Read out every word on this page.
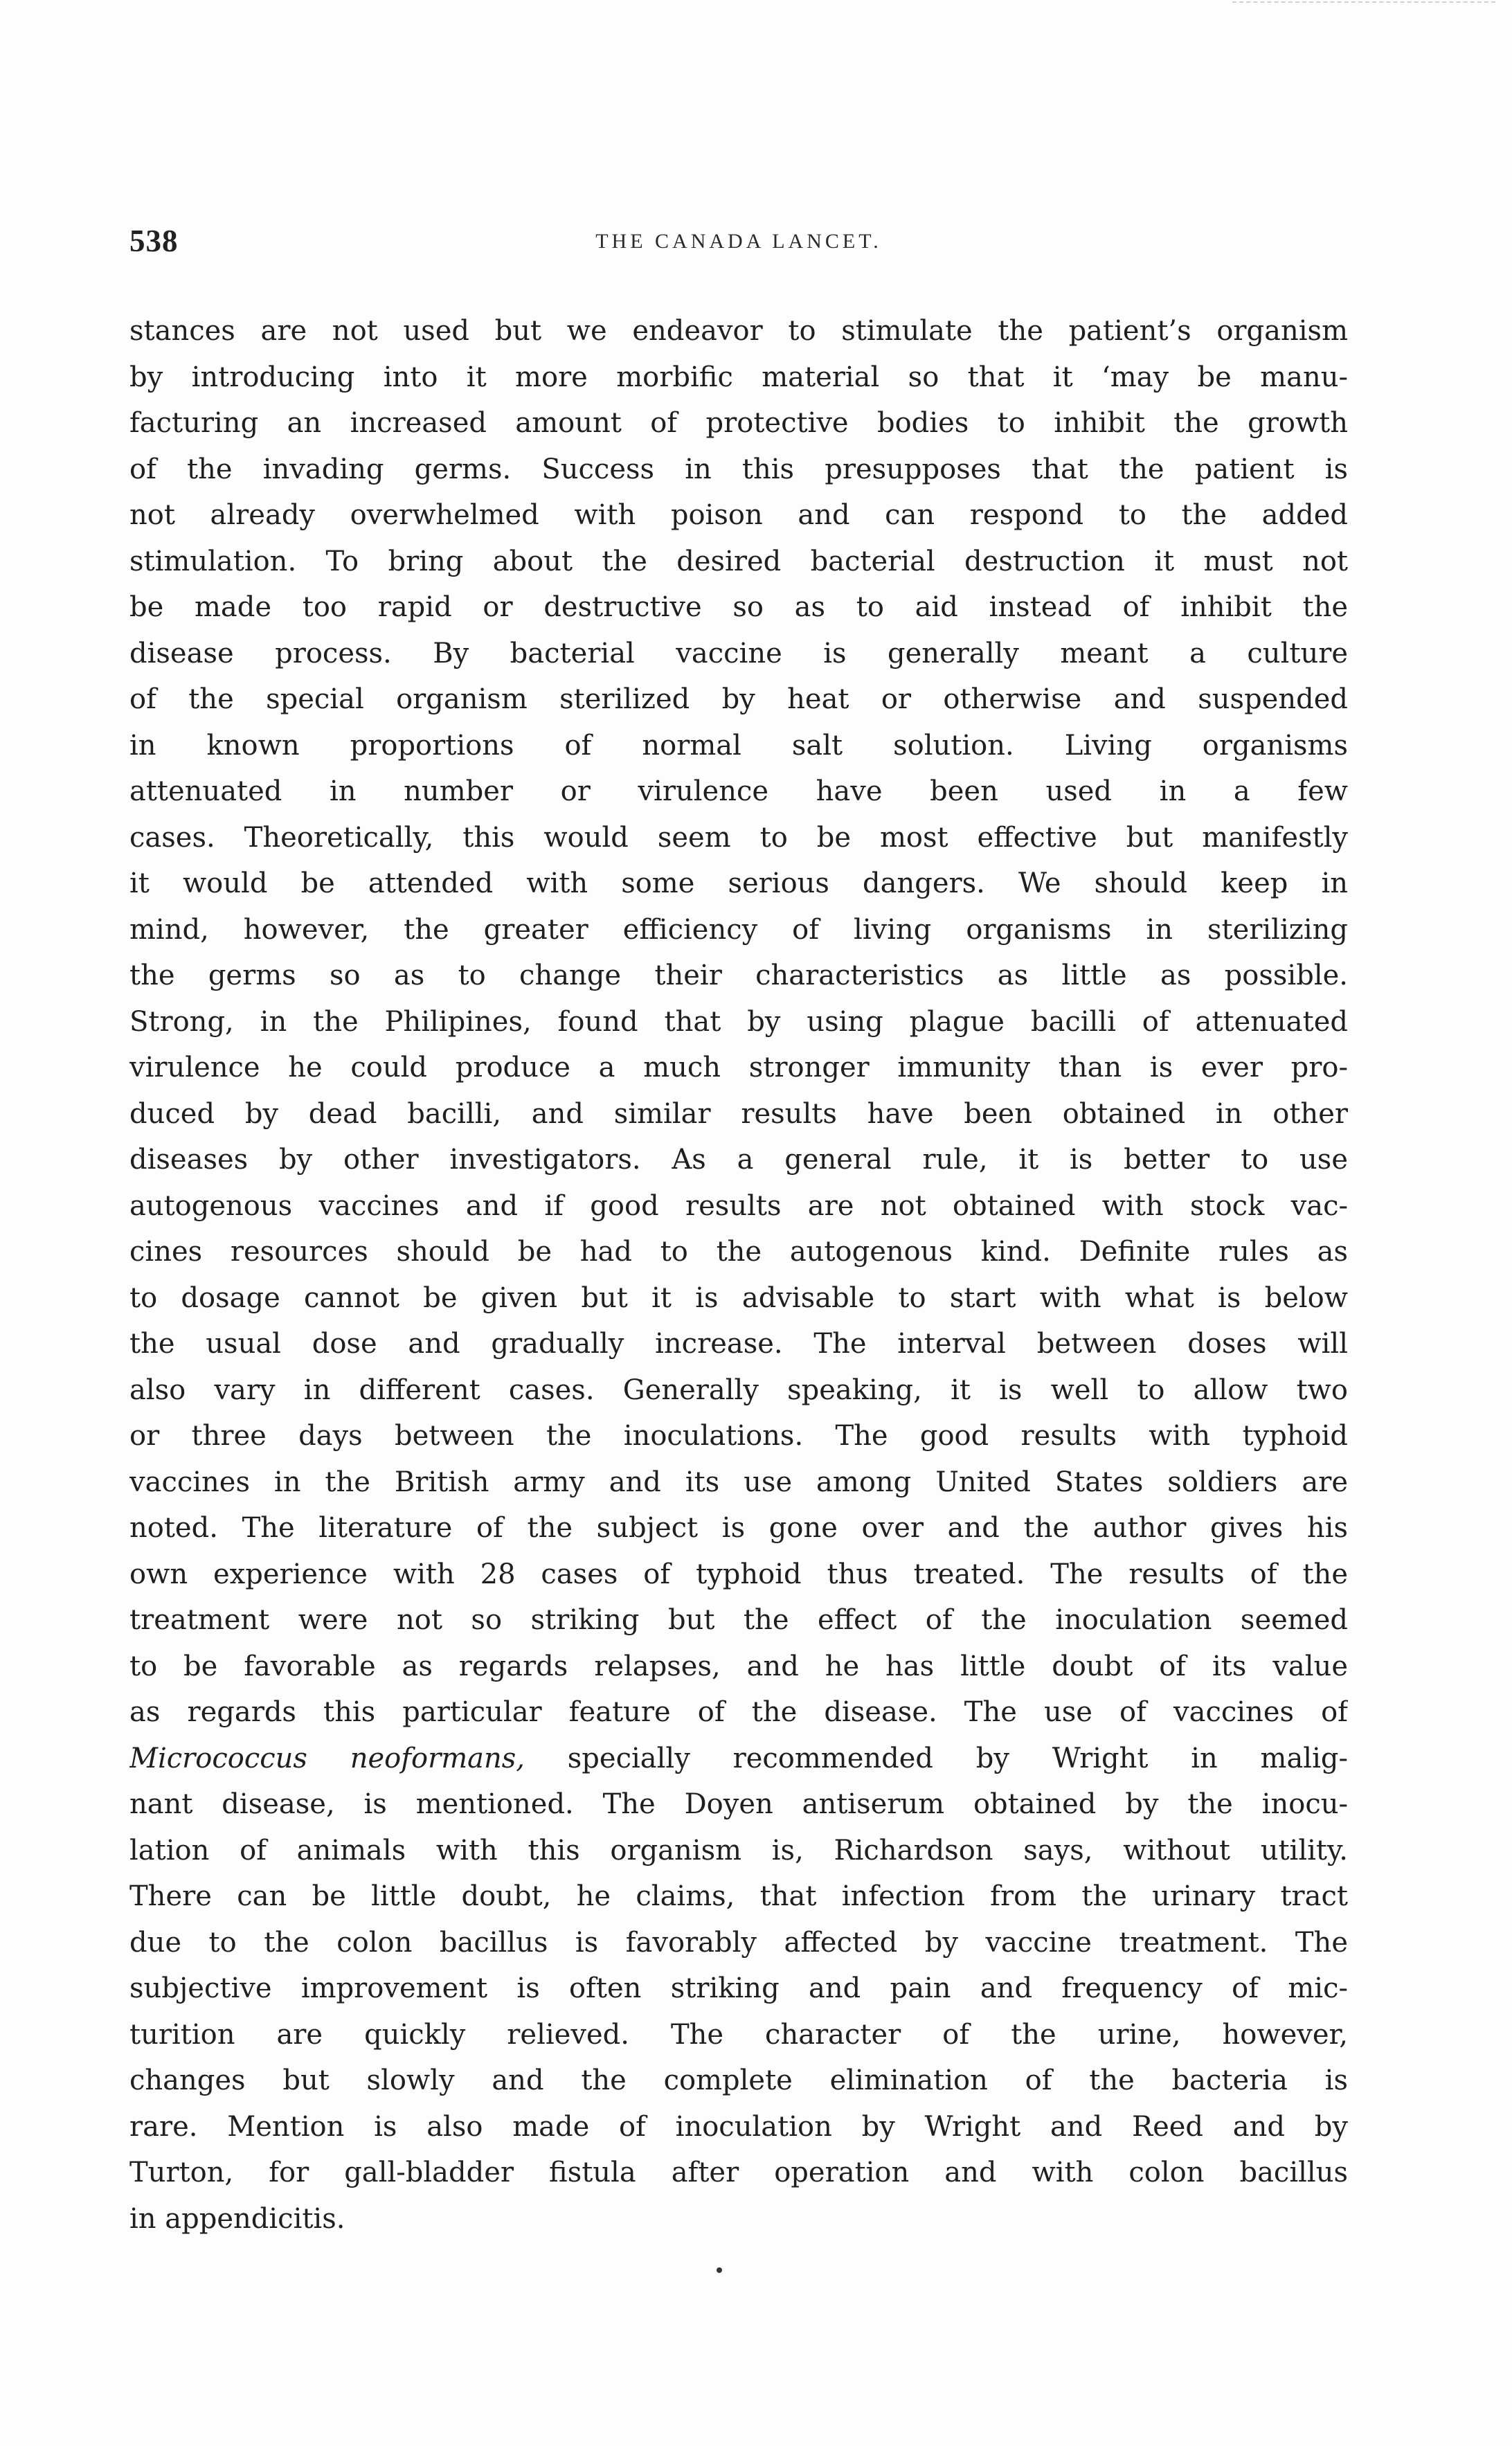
538	THE CANADA LANCET.
stances are not used but we endeavor to stimulate the patient’s organism
by introducing into it more morbific material so that it ‘may be manu-
facturing an increased amount of protective bodies to inhibit the growth
of the invading germs. Success in this presupposes that the patient is
not already overwhelmed with poison and can respond to the added
stimulation. To bring about the desired bacterial destruction it must not
be made too rapid or destructive so as to aid instead of inhibit the
disease process. By bacterial vaccine is generally meant a culture
of the special organism sterilized by heat or otherwise and suspended
in known proportions of normal salt solution. Living organisms
attenuated in number or virulence have been used in a few
cases. Theoretically, this would seem to be most effective but manifestly
it would be attended with some serious dangers. We should keep in
mind, however, the greater efficiency of living organisms in sterilizing
the germs so as to change their characteristics as little as possible.
Strong, in the Philipines, found that by using plague bacilli of attenuated
virulence he could produce a much stronger immunity than is ever pro-
duced by dead bacilli, and similar results have been obtained in other
diseases by other investigators. As a general rule, it is better to use
autogenous vaccines and if good results are not obtained with stock vac-
cines resources should be had to the autogenous kind. Definite rules as
to dosage cannot be given but it is advisable to start with what is below
the usual dose and gradually increase. The interval between doses will
also vary in different cases. Generally speaking, it is well to allow two
or three days between the inoculations. The good results with typhoid
vaccines in the British army and its use among United States soldiers are
noted. The literature of the subject is gone over and the author gives his
own experience with 28 cases of typhoid thus treated. The results of the
treatment were not so striking but the effect of the inoculation seemed
to be favorable as regards relapses, and he has little doubt of its value
as regards this particular feature of the disease. The use of vaccines of
Micrococcus neoformans, specially recommended by Wright in malig-
nant disease, is mentioned. The Doyen antiserum obtained by the inocu-
lation of animals with this organism is, Richardson says, without utility.
There can be little doubt, he claims, that infection from the urinary tract
due to the colon bacillus is favorably affected by vaccine treatment. The
subjective improvement is often striking and pain and frequency of mic-
turition are quickly relieved. The character of the urine, however,
changes but slowly and the complete elimination of the bacteria is
rare. Mention is also made of inoculation by Wright and Reed and by
Turton, for gall-bladder fistula after operation and with colon bacillus
in appendicitis.
